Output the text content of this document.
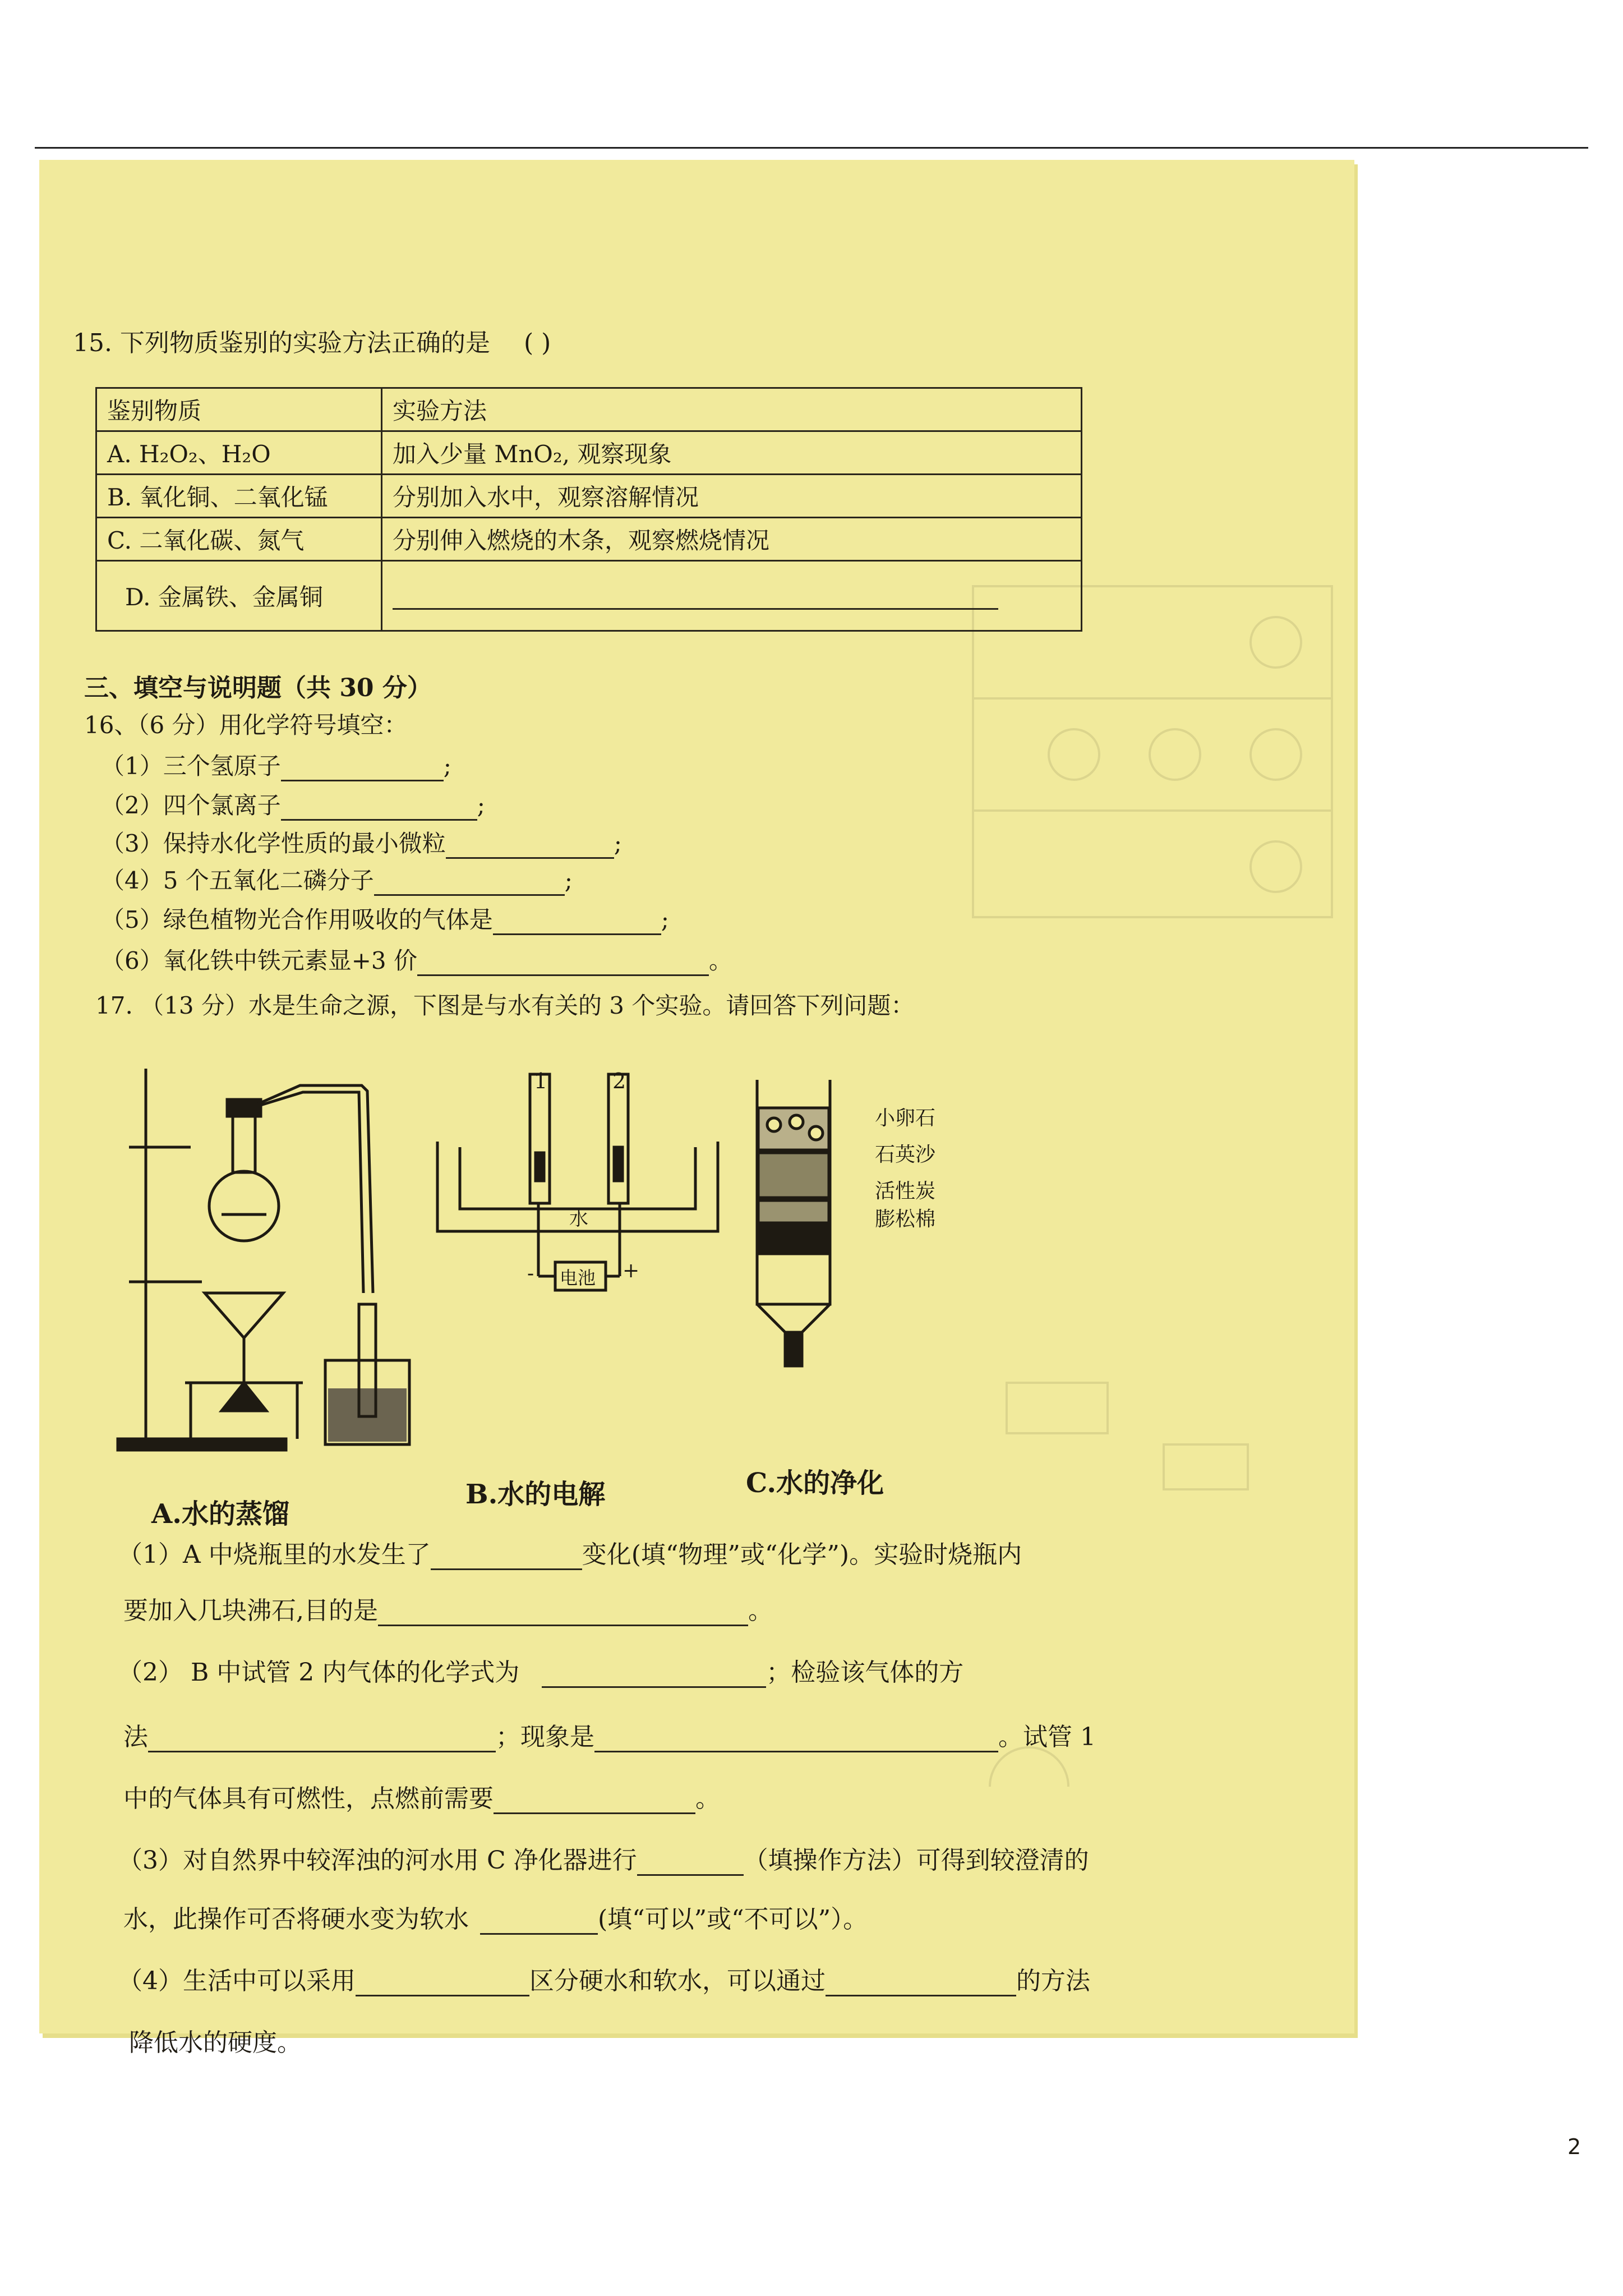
15. 下列物质鉴别的实验方法正确的是 ( )
鉴别物质	实验方法
A. H₂O₂、H₂O	加入少量 MnO₂, 观察现象
B. 氧化铜、二氧化锰	分别加入水中，观察溶解情况
C. 二氧化碳、氮气	分别伸入燃烧的木条，观察燃烧情况
D. 金属铁、金属铜	
三、填空与说明题（共 30 分）
16、（6 分）用化学符号填空：
（1）三个氢原子	;
（2）四个氯离子	;
（3）保持水化学性质的最小微粒	;
（4）5 个五氧化二磷分子	;
（5）绿色植物光合作用吸收的气体是	;
（6）氧化铁中铁元素显+3 价	。
17. （13 分）水是生命之源，下图是与水有关的 3 个实验。请回答下列问题：
A.水的蒸馏
1	2
水
- 电池 +
B.水的电解
小卵石
石英沙
活性炭
膨松棉
C.水的净化
（1）A 中烧瓶里的水发生了	变化(填“物理”或“化学”)。实验时烧瓶内
要加入几块沸石,目的是	。
（2） B 中试管 2 内气体的化学式为	；检验该气体的方
法	；现象是	。试管 1
中的气体具有可燃性，点燃前需要	。
（3）对自然界中较浑浊的河水用 C 净化器进行	（填操作方法）可得到较澄清的
水，此操作可否将硬水变为软水	(填“可以”或“不可以”）。
（4）生活中可以采用	区分硬水和软水，可以通过	的方法
降低水的硬度。
2
